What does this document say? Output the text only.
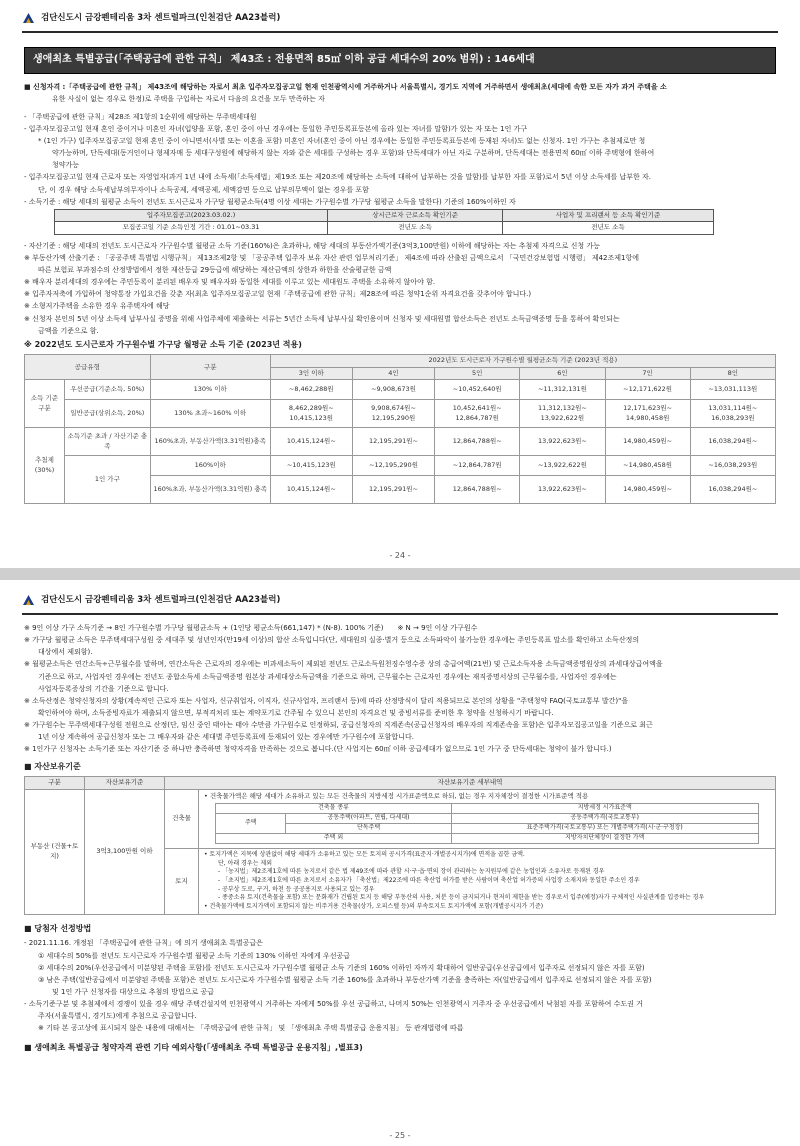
검단신도시 금강펜테리움 3차 센트럴파크(인천검단 AA23블럭)
생애최초 특별공급(「주택공급에 관한 규칙」 제43조 : 전용면적 85㎡ 이하 공급 세대수의 20% 범위) : 146세대
■ 신청자격 :「주택공급에 관한 규칙」 제43조에 해당하는 자로서 최초 입주자모집공고일 현재 인천광역시에 거주하거나 서울특별시, 경기도 지역에 거주하면서 생애최초(세대에 속한 모든 자가 과거 주택을 소
유한 사실이 없는 경우로 한정)로 주택을 구입하는 자로서 다음의 요건을 모두 만족하는 자
- 「주택공급에 관한 규칙」제28조 제1항의 1순위에 해당하는 무주택세대원
- 입주자모집공고일 현재 혼인 중이거나 미혼인 자녀(입양을 포함, 혼인 중이 아닌 경우에는 동일한 주민등록표등본에 올라 있는 자녀를 말함)가 있는 자 또는 1인 가구
* (1인 가구) 입주자모집공고일 현재 혼인 중이 아니면서(사별 또는 이혼을 포함) 미혼인 자녀(혼인 중이 아닌 경우에는 동일한 주민등록표등본에 등재된 자녀)도 없는 신청자. 1인 가구는 추첨제로만 청
약가능하며, 단독세대(동거인이나 형제자매 등 세대구성원에 해당하지 않는 자와 같은 세대를 구성하는 경우 포함)와 단독세대가 아닌 자로 구분하며, 단독세대는 전용면적 60㎡ 이하 주택형에 한하여
청약가능
- 입주자모집공고일 현재 근로자 또는 자영업자(과거 1년 내에 소득세(「소득세법」제19조 또는 제20조에 해당하는 소득에 대하여 납부하는 것을 말함)를 납부한 자를 포함)로서 5년 이상 소득세를 납부한 자.
단, 이 경우 해당 소득세납부의무자이나 소득공제, 세액공제, 세액감면 등으로 납부의무액이 없는 경우를 포함
- 소득기준 : 해당 세대의 월평균 소득이 전년도 도시근로자 가구당 월평균소득(4명 이상 세대는 가구원수별 가구당 월평균 소득을 말한다) 기준의 160%이하인 자
입주자모집공고(2023.03.02.)	상시근로자 근로소득 확인기준	사업자 및 프리랜서 등 소득 확인기준
모집공고일 기준 소득인정 기간 : 01.01~03.31	전년도 소득	전년도 소득
- 자산기준 : 해당 세대의 전년도 도시근로자 가구원수별 월평균 소득 기준(160%)은 초과하나, 해당 세대의 부동산가액기준(3억3,100만원) 이하에 해당하는 자는 추첨제 자격으로 신청 가능
※ 부동산가액 산출기준 : 「공공주택 특별법 시행규칙」 제13조제2항 및 「공공주택 입주자 보유 자산 관련 업무처리기준」 제4조에 따라 산출된 금액으로서 「국민건강보험법 시행령」 제42조제1항에
따른 보험료 부과점수의 산정방법에서 정한 재산등급 29등급에 해당하는 재산금액의 상한과 하한을 산술평균한 금액
※ 배우자 분리세대의 경우에는 주민등록이 분리된 배우자 및 배우자와 동일한 세대를 이루고 있는 세대원도 주택을 소유하지 않아야 함.
※ 입주자저축에 가입하여 청약통장 가입요건을 갖춘 자(최초 입주자모집공고일 현재「주택공급에 관한 규칙」제28조에 따른 청약1순위 자격요건을 갖추어야 합니다.)
※ 소형저가주택을 소유한 경우 유주택자에 해당
※ 신청자 본인의 5년 이상 소득세 납부사실 증명을 위해 사업주체에 제출하는 서류는 5년간 소득세 납부사실 확인용이며 신청자 및 세대원별 합산소득은 전년도 소득금액증명 등을 통하여 확인되는
금액을 기준으로 함.
※ 2022년도 도시근로자 가구원수별 가구당 월평균 소득 기준 (2023년 적용)
공급유형		구분	2022년도 도시근로자 가구원수별 월평균소득 기준 (2023년 적용)					
			3인 이하	4인	5인	6인	7인	8인
소득 기준 구분	우선공급(기준소득, 50%)	130% 이하	~8,462,288원	~9,908,673원	~10,452,640원	~11,312,131원	~12,171,622원	~13,031,113원
	일반공급(상위소득, 20%)	130% 초과~160% 이하	8,462,289원~ 10,415,123원	9,908,674원~ 12,195,290원	10,452,641원~ 12,864,787원	11,312,132원~ 13,922,622원	12,171,623원~ 14,980,458원	13,031,114원~ 16,038,293원
추첨제 (30%)	소득기준 초과 / 자산기준 충족	160%초과, 부동산가액(3.31억원)충족	10,415,124원~	12,195,291원~	12,864,788원~	13,922,623원~	14,980,459원~	16,038,294원~
	1인 가구	160%이하	~10,415,123원	~12,195,290원	~12,864,787원	~13,922,622원	~14,980,458원	~16,038,293원
		160%초과, 부동산가액(3.31억원) 충족	10,415,124원~	12,195,291원~	12,864,788원~	13,922,623원~	14,980,459원~	16,038,294원~
- 24 -
검단신도시 금강펜테리움 3차 센트럴파크(인천검단 AA23블럭)
※ 9인 이상 가구 소득기준 → 8인 가구원수별 가구당 월평균소득 + (1인당 평균소득(661,147) * (N-8). 100% 기준)　　※ N → 9인 이상 가구원수
※ 가구당 월평균 소득은 무주택세대구성원 중 세대주 및 성년인자(만19세 이상)의 합산 소득입니다(단, 세대원의 실종·별거 등으로 소득파악이 불가능한 경우에는 주민등록표 말소를 확인하고 소득산정의
대상에서 제외함).
※ 월평균소득은 연간소득÷근무월수를 말하며, 연간소득은 근로자의 경우에는 비과세소득이 제외된 전년도 근로소득원천징수영수증 상의 총급여액(21번) 및 근로소득자용 소득금액증명원상의 과세대상급여액을
기준으로 하고, 사업자인 경우에는 전년도 종합소득세 소득금액증명 원본상 과세대상소득금액을 기준으로 하며, 근무월수는 근로자인 경우에는 재직증명서상의 근무월수를, 사업자인 경우에는
사업자등록증상의 기간을 기준으로 합니다.
※ 소득산정은 청약신청자의 상황(계속적인 근로자 또는 사업자, 신규취업자, 이직자, 신규사업자, 프리랜서 등)에 따라 산정방식이 달리 적용되므로 본인의 상황을 "주택청약 FAQ(국토교통부 발간)"을
확인하여야 하며, 소득증빙자료가 제출되지 않으면, 부적격처리 또는 계약포기로 간주될 수 있으니 본인의 자격요건 및 증빙서류를 준비한 후 청약을 신청하시기 바랍니다.
※ 가구원수는 무주택세대구성원 전원으로 산정(단, 임신 중인 태아는 태아 수만큼 가구원수로 인정하되, 공급신청자의 직계존속(공급신청자의 배우자의 직계존속을 포함)은 입주자모집공고일을 기준으로 최근
1년 이상 계속하여 공급신청자 또는 그 배우자와 같은 세대별 주민등록표에 등재되어 있는 경우에만 가구원수에 포함합니다.
※ 1인가구 신청자는 소득기준 또는 자산기준 중 하나만 충족하면 청약자격을 만족하는 것으로 봅니다.(단 사업지는 60㎡ 이하 공급세대가 없으므로 1인 가구 중 단독세대는 청약이 불가 합니다.)
■ 자산보유기준
구분	자산보유기준	자산보유기준 세부내역
부동산 (건물+토지)	3억3,100만원 이하	건축물	
• 건축물가액은 해당 세대가 소유하고 있는 모든 건축물의 지방세정 시가표준액으로 하되, 없는 경우 지자체장이 결정한 시가표준액 적용
건축물 종류	지방세정 시가표준액
주택	공동주택(아파트, 연립, 다세대)	공동주택가격(국토교통부)
단독주택	표준주택가격(국토교통부) 또는 개별주택가격(시·군·구청장)
주택 외	지방자치단체장이 결정한 가액

토지	
• 토지가액은 지목에 상관없이 해당 세대가 소유하고 있는 모든 토지의 공시가격(표준지·개별공시지가)에 면적을 곱한 금액.
단, 아래 경우는 제외
- 「농지법」제2조제1호에 따른 농지로서 같은 법 제49조에 따라 관할 시·구·읍·면의 장이 관리하는 농지원부에 같은 농업인과 소유자로 등재된 경우
- 「초지법」제2조제1호에 따른 초지로서 소유자가 「축산법」제22조에 따른 축산업 허가를 받은 사람이며 축산업 허가증의 사업장 소재지와 동일한 주소인 경우
- 공부상 도로, 구거, 하천 등 공공용지로 사용되고 있는 경우
- 종중소유 토지(건축물을 포함) 또는 문화재가 건립된 토지 등 해당 부동산의 사용, 처분 등이 금지되거나 현저히 제한을 받는 경우로서 입주(예정)자가 구체적인 사실관계를 입증하는 경우
• 건축물가액에 토지가액이 포함되지 않는 비주거용 건축물(상가, 오피스텔 등)의 부속토지도 토지가액에 포함(개별공시지가 기준)
■ 당첨자 선정방법
- 2021.11.16. 개정된 「주택공급에 관한 규칙」에 의거 생애최초 특별공급은
① 세대수의 50%를 전년도 도시근로자 가구원수별 월평균 소득 기준의 130% 이하인 자에게 우선공급
② 세대수의 20%(우선공급에서 미분양된 주택을 포함)를 전년도 도시근로자 가구원수별 월평균 소득 기준의 160% 이하인 자까지 확대하여 일반공급(우선공급에서 입주자로 선정되지 않은 자를 포함)
③ 남은 주택(일반공급에서 미분양된 주택을 포함)은 전년도 도시근로자 가구원수별 월평균 소득 기준 160%를 초과하나 부동산가액 기준을 충족하는 자(일반공급에서 입주자로 선정되지 않은 자를 포함)
및 1인 가구 신청자를 대상으로 추첨의 방법으로 공급
- 소득기준구분 및 추첨제에서 경쟁이 있을 경우 해당 주택건설지역 인천광역시 거주하는 자에게 50%를 우선 공급하고, 나머지 50%는 인천광역시 거주자 중 우선공급에서 낙첨된 자를 포함하여 수도권 거
주자(서울특별시, 경기도)에게 추첨으로 공급합니다.
※ 기타 본 공고상에 표시되지 않은 내용에 대해서는 「주택공급에 관한 규칙」 및 「생애최초 주택 특별공급 운용지침」 등 관계법령에 따름
■ 생애최초 특별공급 청약자격 관련 기타 예외사항(「생애최초 주택 특별공급 운용지침」,별표3)
- 25 -
